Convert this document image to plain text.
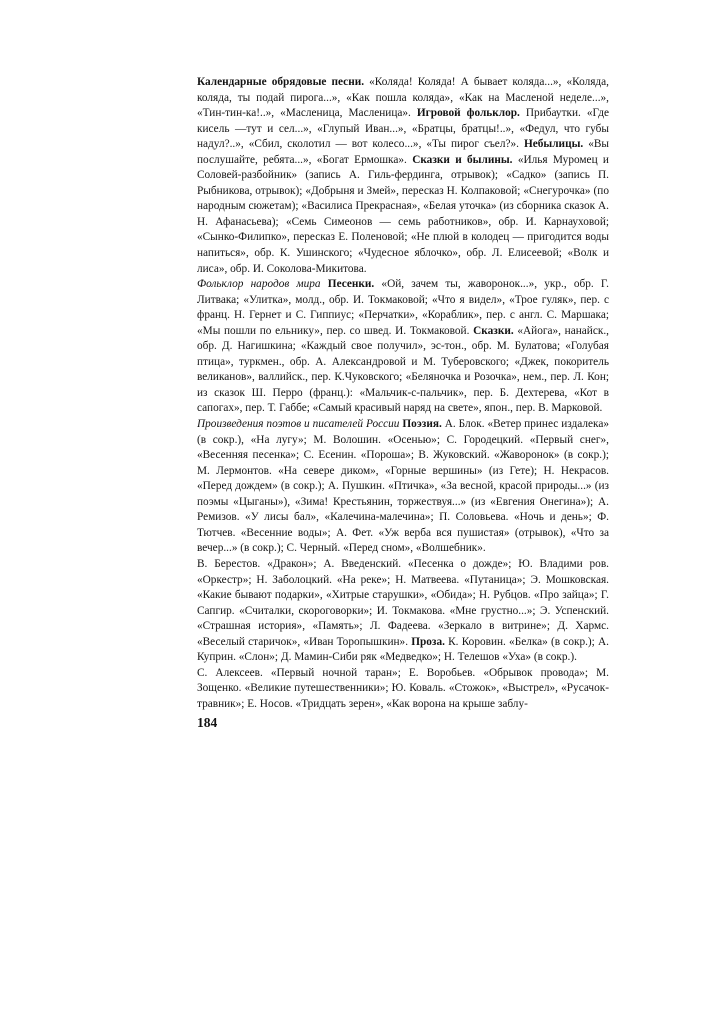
Календарные обрядовые песни. «Коляда! Коляда! А бывает коляда...», «Коляда, коляда, ты подай пирога...», «Как пошла коляда», «Как на Масленой неделе...», «Тин-тин-ка!..», «Масленица, Масленица». Игровой фольклор. Прибаутки. «Где кисель —тут и сел...», «Глупый Иван...», «Братцы, братцы!..», «Федул, что губы надул?..», «Сбил, сколотил — вот колесо...», «Ты пирог съел?». Небылицы. «Вы послушайте, ребята...», «Богат Ермошка». Сказки и былины. «Илья Муромец и Соловей-разбойник» (запись А. Гиль-фердинга, отрывок); «Садко» (запись П. Рыбникова, отрывок); «Добрыня и Змей», пересказ Н. Колпаковой; «Снегурочка» (по народным сюжетам); «Василиса Прекрасная», «Белая уточка» (из сборника сказок А. Н. Афанасьева); «Семь Симеонов — семь работников», обр. И. Карнауховой; «Сынко-Филипко», пересказ Е. Поленовой; «Не плюй в колодец — пригодится воды напиться», обр. К. Ушинского; «Чудесное яблочко», обр. Л. Елисеевой; «Волк и лиса», обр. И. Соколова-Микитова.

Фольклор народов мира Песенки. «Ой, зачем ты, жаворонок...», укр., обр. Г. Литвака; «Улитка», молд., обр. И. Токмаковой; «Что я видел», «Трое гуляк», пер. с франц. Н. Гернет и С. Гиппиус; «Перчатки», «Кораблик», пер. с англ. С. Маршака; «Мы пошли по ельнику», пер. со швед. И. Токмаковой. Сказки. «Айога», нанайск., обр. Д. Нагишкина; «Каждый свое получил», эс-тон., обр. М. Булатова; «Голубая птица», туркмен., обр. А. Александровой и М. Туберовского; «Джек, покоритель великанов», валлийск., пер. К.Чуковского; «Беляночка и Розочка», нем., пер. Л. Кон; из сказок Ш. Перро (франц.): «Мальчик-с-пальчик», пер. Б. Дехтерева, «Кот в сапогах», пер. Т. Габбе; «Самый красивый наряд на свете», япон., пер. В. Марковой.

Произведения поэтов и писателей России Поэзия. А. Блок. «Ветер принес издалека» (в сокр.), «На лугу»; М. Волошин. «Осенью»; С. Городецкий. «Первый снег», «Весенняя песенка»; С. Есенин. «Пороша»; В. Жуковский. «Жаворонок» (в сокр.); М. Лермонтов. «На севере диком», «Горные вершины» (из Гете); Н. Некрасов. «Перед дождем» (в сокр.); А. Пушкин. «Птичка», «За весной, красой природы...» (из поэмы «Цыганы»), «Зима! Крестьянин, торжествуя...» (из «Евгения Онегина»); А. Ремизов. «У лисы бал», «Калечина-малечина»; П. Соловьева. «Ночь и день»; Ф. Тютчев. «Весенние воды»; А. Фет. «Уж верба вся пушистая» (отрывок), «Что за вечер...» (в сокр.); С. Черный. «Перед сном», «Волшебник».

В. Берестов. «Дракон»; А. Введенский. «Песенка о дожде»; Ю. Владими ров. «Оркестр»; Н. Заболоцкий. «На реке»; Н. Матвеева. «Путаница»; Э. Мошковская. «Какие бывают подарки», «Хитрые старушки», «Обида»; Н. Рубцов. «Про зайца»; Г. Сапгир. «Считалки, скороговорки»; И. Токмакова. «Мне грустно...»; Э. Успенский. «Страшная история», «Память»; Л. Фадеева. «Зеркало в витрине»; Д. Хармс. «Веселый старичок», «Иван Торопышкин». Проза. К. Коровин. «Белка» (в сокр.); А. Куприн. «Слон»; Д. Мамин-Сиби ряк «Медведко»; Н. Телешов «Уха» (в сокр.).

С. Алексеев. «Первый ночной таран»; Е. Воробьев. «Обрывок провода»; М. Зощенко. «Великие путешественники»; Ю. Коваль. «Стожок», «Выстрел», «Русачок-травник»; Е. Носов. «Тридцать зерен», «Как ворона на крыше заблу-

184
